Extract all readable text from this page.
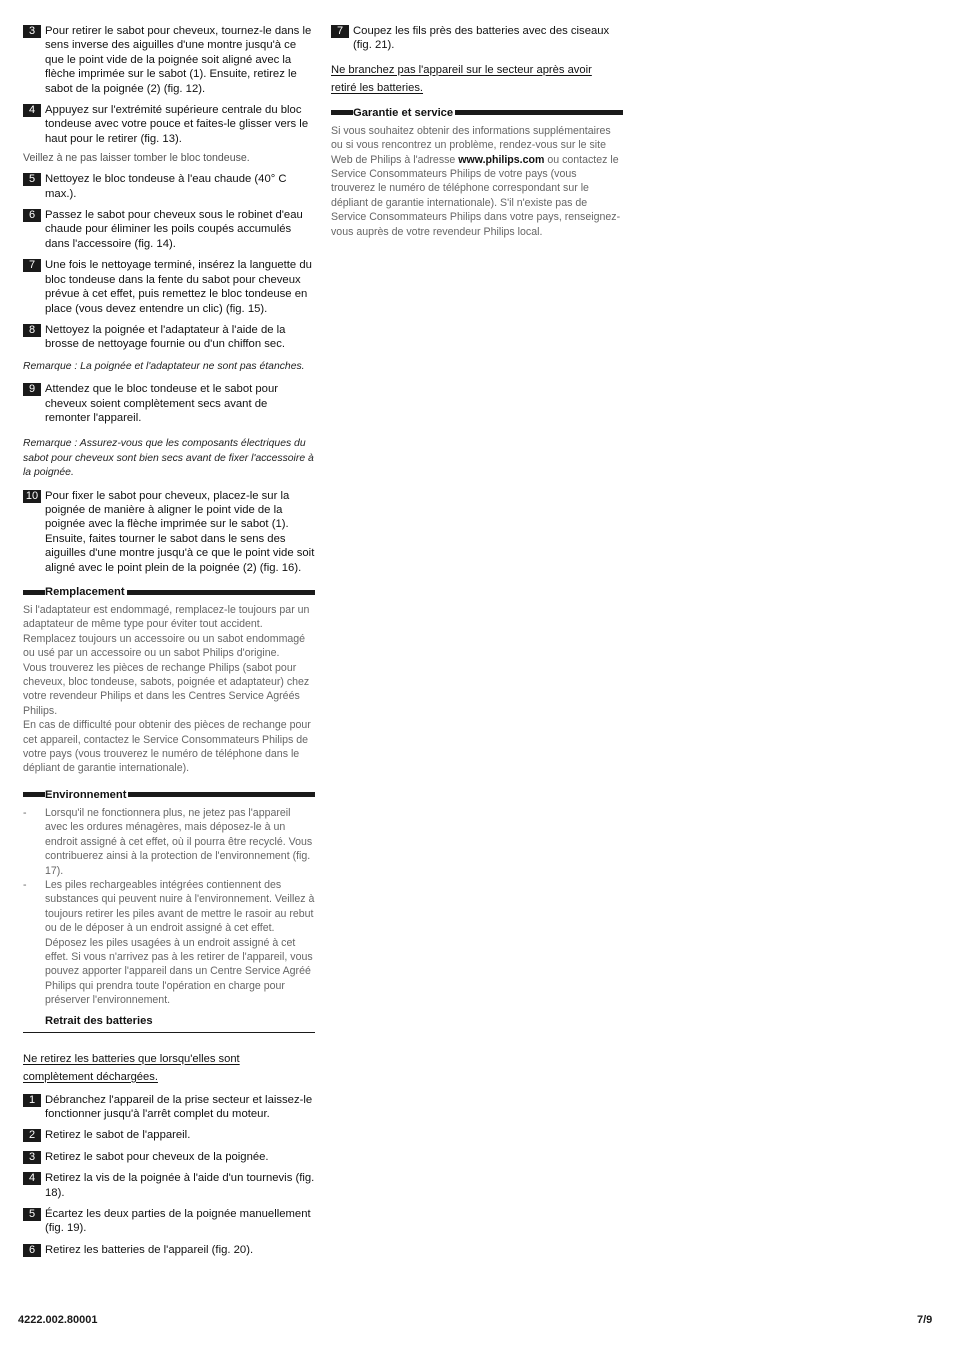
3 Pour retirer le sabot pour cheveux, tournez-le dans le sens inverse des aiguilles d'une montre jusqu'à ce que le point vide de la poignée soit aligné avec la flèche imprimée sur le sabot (1). Ensuite, retirez le sabot de la poignée (2) (fig. 12).
4 Appuyez sur l'extrémité supérieure centrale du bloc tondeuse avec votre pouce et faites-le glisser vers le haut pour le retirer (fig. 13).
Veillez à ne pas laisser tomber le bloc tondeuse.
5 Nettoyez le bloc tondeuse à l'eau chaude (40° C max.).
6 Passez le sabot pour cheveux sous le robinet d'eau chaude pour éliminer les poils coupés accumulés dans l'accessoire (fig. 14).
7 Une fois le nettoyage terminé, insérez la languette du bloc tondeuse dans la fente du sabot pour cheveux prévue à cet effet, puis remettez le bloc tondeuse en place (vous devez entendre un clic) (fig. 15).
8 Nettoyez la poignée et l'adaptateur à l'aide de la brosse de nettoyage fournie ou d'un chiffon sec.
Remarque : La poignée et l'adaptateur ne sont pas étanches.
9 Attendez que le bloc tondeuse et le sabot pour cheveux soient complètement secs avant de remonter l'appareil.
Remarque : Assurez-vous que les composants électriques du sabot pour cheveux sont bien secs avant de fixer l'accessoire à la poignée.
10 Pour fixer le sabot pour cheveux, placez-le sur la poignée de manière à aligner le point vide de la poignée avec la flèche imprimée sur le sabot (1). Ensuite, faites tourner le sabot dans le sens des aiguilles d'une montre jusqu'à ce que le point vide soit aligné avec le point plein de la poignée (2) (fig. 16).
Remplacement

Si l'adaptateur est endommagé, remplacez-le toujours par un adaptateur de même type pour éviter tout accident. Remplacez toujours un accessoire ou un sabot endommagé ou usé par un accessoire ou un sabot Philips d'origine.

Vous trouverez les pièces de rechange Philips (sabot pour cheveux, bloc tondeuse, sabots, poignée et adaptateur) chez votre revendeur Philips et dans les Centres Service Agréés Philips.

En cas de difficulté pour obtenir des pièces de rechange pour cet appareil, contactez le Service Consommateurs Philips de votre pays (vous trouverez le numéro de téléphone dans le dépliant de garantie internationale).

Environnement
-	Lorsqu'il ne fonctionnera plus, ne jetez pas l'appareil avec les ordures ménagères, mais déposez-le à un endroit assigné à cet effet, où il pourra être recyclé. Vous contribuerez ainsi à la protection de l'environnement (fig. 17).
-	Les piles rechargeables intégrées contiennent des substances qui peuvent nuire à l'environnement. Veillez à toujours retirer les piles avant de mettre le rasoir au rebut ou de le déposer à un endroit assigné à cet effet. Déposez les piles usagées à un endroit assigné à cet effet. Si vous n'arrivez pas à les retirer de l'appareil, vous pouvez apporter l'appareil dans un Centre Service Agréé Philips qui prendra toute l'opération en charge pour préserver l'environnement.
Retrait des batteries
Ne retirez les batteries que lorsqu'elles sont complètement déchargées.
1 Débranchez l'appareil de la prise secteur et laissez-le fonctionner jusqu'à l'arrêt complet du moteur.
2 Retirez le sabot de l'appareil.
3 Retirez le sabot pour cheveux de la poignée.
4 Retirez la vis de la poignée à l'aide d'un tournevis (fig. 18).
5 Écartez les deux parties de la poignée manuellement (fig. 19).
6 Retirez les batteries de l'appareil (fig. 20).
7 Coupez les fils près des batteries avec des ciseaux (fig. 21).
Ne branchez pas l'appareil sur le secteur après avoir retiré les batteries.
Garantie et service

Si vous souhaitez obtenir des informations supplémentaires ou si vous rencontrez un problème, rendez-vous sur le site Web de Philips à l'adresse www.philips.com ou contactez le Service Consommateurs Philips de votre pays (vous trouverez le numéro de téléphone correspondant sur le dépliant de garantie internationale). S'il n'existe pas de Service Consommateurs Philips dans votre pays, renseignez-vous auprès de votre revendeur Philips local.

4222.002.80001	7/9
